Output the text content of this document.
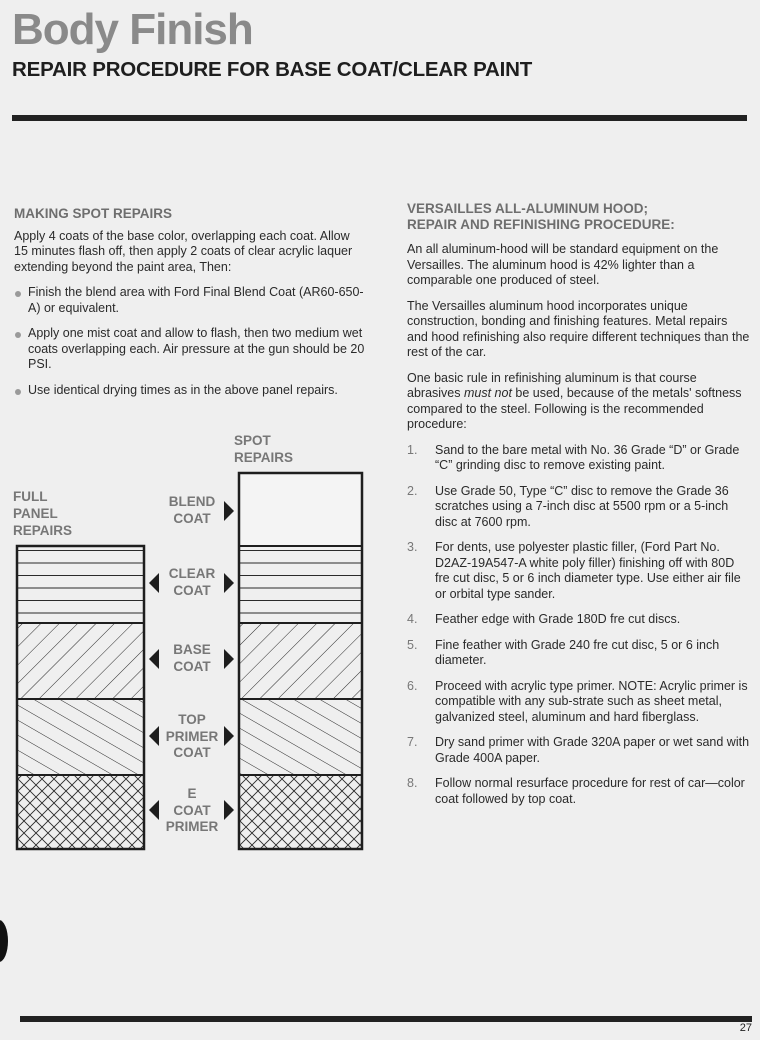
Body Finish
REPAIR PROCEDURE FOR BASE COAT/CLEAR PAINT
MAKING SPOT REPAIRS

Apply 4 coats of the base color, overlapping each coat. Allow 15 minutes flash off, then apply 2 coats of clear acrylic laquer extending beyond the paint area, Then:

Finish the blend area with Ford Final Blend Coat (AR60-650-A) or equivalent.
Apply one mist coat and allow to flash, then two medium wet coats overlapping each. Air pressure at the gun should be 20 PSI.
Use identical drying times as in the above panel repairs.
SPOT
REPAIRS
FULL
PANEL
REPAIRS
BLEND
COAT
CLEAR
COAT
BASE
COAT
TOP
PRIMER
COAT
E
COAT
PRIMER
VERSAILLES ALL-ALUMINUM HOOD;
REPAIR AND REFINISHING PROCEDURE:

An all aluminum-hood will be standard equipment on the Versailles. The aluminum hood is 42% lighter than a comparable one produced of steel.

The Versailles aluminum hood incorporates unique construction, bonding and finishing features. Metal repairs and hood refinishing also require different techniques than the rest of the car.

One basic rule in refinishing aluminum is that course abrasives must not be used, because of the metals' softness compared to the steel. Following is the recommended procedure:

1. Sand to the bare metal with No. 36 Grade “D” or Grade “C” grinding disc to remove existing paint.
2. Use Grade 50, Type “C” disc to remove the Grade 36 scratches using a 7-inch disc at 5500 rpm or a 5-inch disc at 7600 rpm.
3. For dents, use polyester plastic filler, (Ford Part No. D2AZ-19A547-A white poly filler) finishing off with 80D fre cut disc, 5 or 6 inch diameter type. Use either air file or orbital type sander.
4. Feather edge with Grade 180D fre cut discs.
5. Fine feather with Grade 240 fre cut disc, 5 or 6 inch diameter.
6. Proceed with acrylic type primer. NOTE: Acrylic primer is compatible with any sub-strate such as sheet metal, galvanized steel, aluminum and hard fiberglass.
7. Dry sand primer with Grade 320A paper or wet sand with Grade 400A paper.
8. Follow normal resurface procedure for rest of car—color coat followed by top coat.
27
